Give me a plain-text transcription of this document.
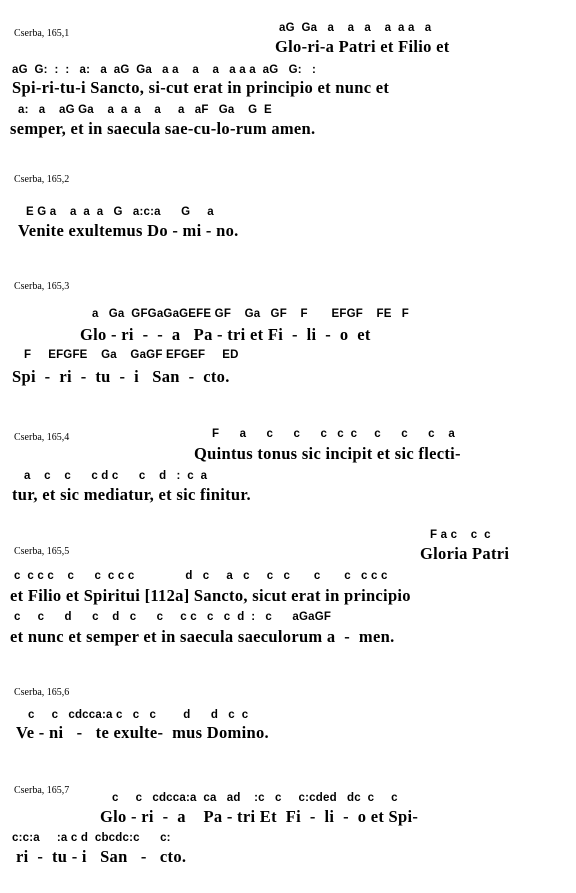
Cserba, 165,1	aG  Ga   a    a   a    a  a a   a
Glo-ri-a Patri et Filio et
aG  G:  :  :   a:   a  aG  Ga   a a    a    a   a a a  aG   G:   :
Spi-ri-tu-i Sancto, si-cut erat in principio et nunc et
a:   a    aG Ga    a  a  a    a     a   aF   Ga    G  E
semper, et in saecula sae-cu-lo-rum amen.
Cserba, 165,2
E G a    a  a  a   G   a:c:a      G     a
Venite exultemus Do - mi - no.
Cserba, 165,3
a   Ga  GFGaGaGEFE GF    Ga   GF    F       EFGF    FE   F
Glo - ri  -  -  a   Pa - tri et Fi  -  li  -  o  et
F     EFGFE    Ga    GaGF EFGEF     ED
Spi  -  ri  -  tu  -  i   San  -  cto.
Cserba, 165,4	F      a      c      c      c   c  c     c      c      c    a
Quintus tonus sic incipit et sic flecti-
a    c    c      c d c      c    d   :  c  a
tur, et sic mediatur, et sic finitur.
Cserba, 165,5
F a c    c  c
Gloria Patri
c  c c c    c      c  c c c               d   c     a   c     c   c       c       c   c c c
et Filio et Spiritui [112a] Sancto, sicut erat in principio
c     c      d      c    d   c      c     c c   c   c  d  :   c      aGaGF
et nunc et semper et in saecula saeculorum a  -  men.
Cserba, 165,6
c     c   cdcca:a c   c   c        d      d   c  c
Ve - ni   -   te exulte-  mus Domino.
Cserba, 165,7
c     c   cdcca:a  ca   ad    :c   c     c:cded   dc  c     c
Glo - ri  -  a    Pa - tri Et  Fi  -  li  -  o et Spi-
c:c:a     :a c d  cbcdc:c      c:
ri  -  tu - i   San   -   cto.
